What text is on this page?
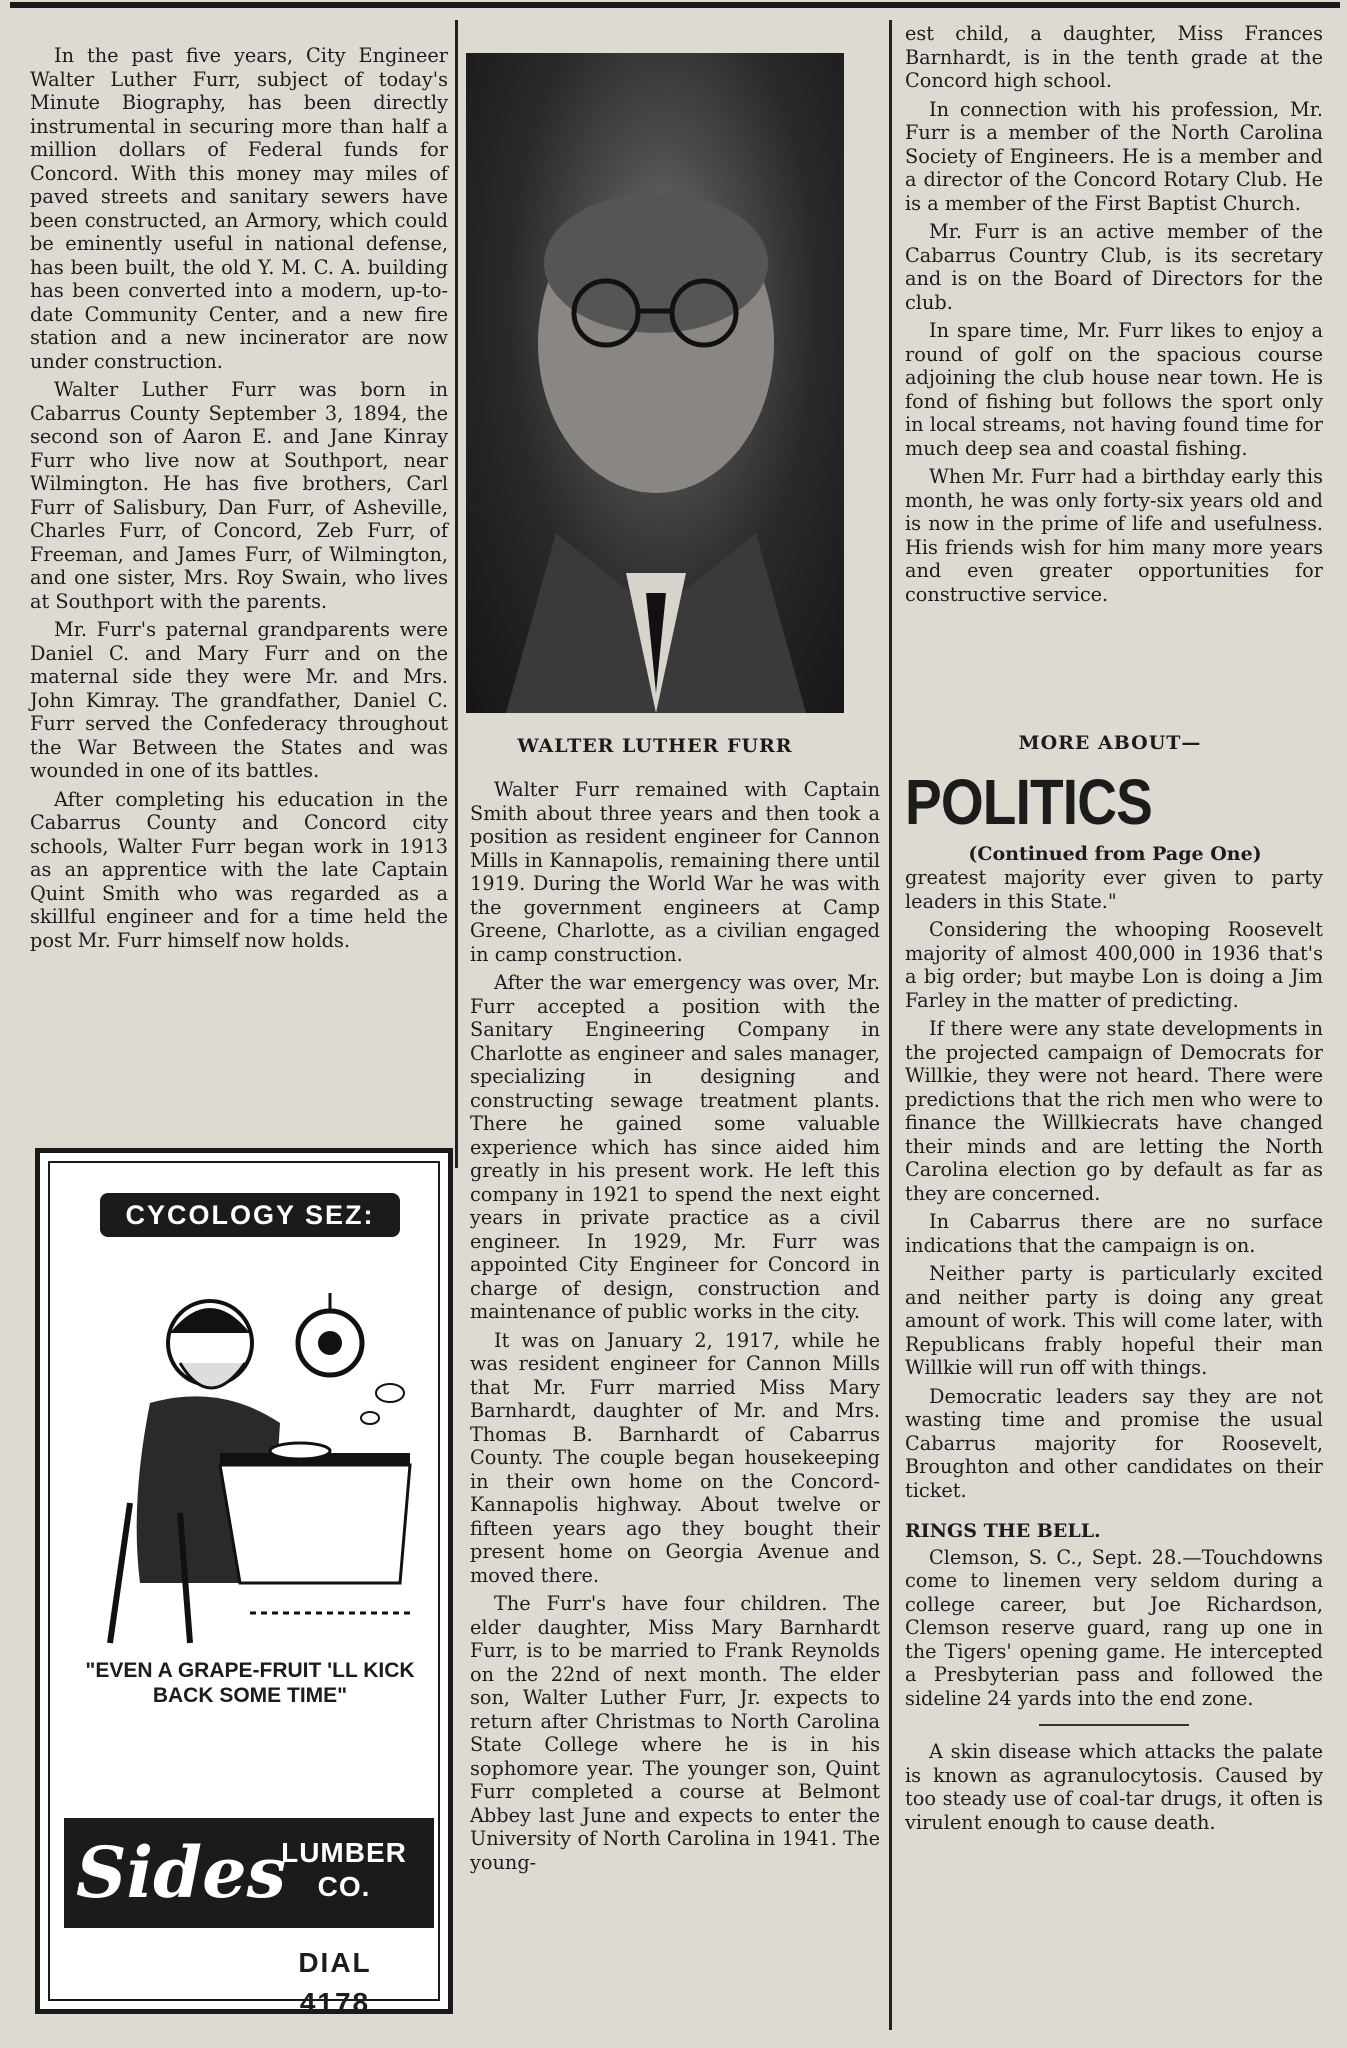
In the past five years, City Engineer Walter Luther Furr, subject of today's Minute Biography, has been directly instrumental in securing more than half a million dollars of Federal funds for Concord. With this money may miles of paved streets and sanitary sewers have been constructed, an Armory, which could be eminently useful in national defense, has been built, the old Y. M. C. A. building has been converted into a modern, up-to-date Community Center, and a new fire station and a new incinerator are now under construction.

Walter Luther Furr was born in Cabarrus County September 3, 1894, the second son of Aaron E. and Jane Kinray Furr who live now at Southport, near Wilmington. He has five brothers, Carl Furr of Salisbury, Dan Furr, of Asheville, Charles Furr, of Concord, Zeb Furr, of Freeman, and James Furr, of Wilmington, and one sister, Mrs. Roy Swain, who lives at Southport with the parents.

Mr. Furr's paternal grandparents were Daniel C. and Mary Furr and on the maternal side they were Mr. and Mrs. John Kimray. The grandfather, Daniel C. Furr served the Confederacy throughout the War Between the States and was wounded in one of its battles.

After completing his education in the Cabarrus County and Concord city schools, Walter Furr began work in 1913 as an apprentice with the late Captain Quint Smith who was regarded as a skillful engineer and for a time held the post Mr. Furr himself now holds.

WALTER LUTHER FURR

Walter Furr remained with Captain Smith about three years and then took a position as resident engineer for Cannon Mills in Kannapolis, remaining there until 1919. During the World War he was with the government engineers at Camp Greene, Charlotte, as a civilian engaged in camp construction.

After the war emergency was over, Mr. Furr accepted a position with the Sanitary Engineering Company in Charlotte as engineer and sales manager, specializing in designing and constructing sewage treatment plants. There he gained some valuable experience which has since aided him greatly in his present work. He left this company in 1921 to spend the next eight years in private practice as a civil engineer. In 1929, Mr. Furr was appointed City Engineer for Concord in charge of design, construction and maintenance of public works in the city.

It was on January 2, 1917, while he was resident engineer for Cannon Mills that Mr. Furr married Miss Mary Barnhardt, daughter of Mr. and Mrs. Thomas B. Barnhardt of Cabarrus County. The couple began housekeeping in their own home on the Concord-Kannapolis highway. About twelve or fifteen years ago they bought their present home on Georgia Avenue and moved there.

The Furr's have four children. The elder daughter, Miss Mary Barnhardt Furr, is to be married to Frank Reynolds on the 22nd of next month. The elder son, Walter Luther Furr, Jr. expects to return after Christmas to North Carolina State College where he is in his sophomore year. The younger son, Quint Furr completed a course at Belmont Abbey last June and expects to enter the University of North Carolina in 1941. The young-

est child, a daughter, Miss Frances Barnhardt, is in the tenth grade at the Concord high school.

In connection with his profession, Mr. Furr is a member of the North Carolina Society of Engineers. He is a member and a director of the Concord Rotary Club. He is a member of the First Baptist Church.

Mr. Furr is an active member of the Cabarrus Country Club, is its secretary and is on the Board of Directors for the club.

In spare time, Mr. Furr likes to enjoy a round of golf on the spacious course adjoining the club house near town. He is fond of fishing but follows the sport only in local streams, not having found time for much deep sea and coastal fishing.

When Mr. Furr had a birthday early this month, he was only forty-six years old and is now in the prime of life and usefulness. His friends wish for him many more years and even greater opportunities for constructive service.

MORE ABOUT—
POLITICS
(Continued from Page One)

greatest majority ever given to party leaders in this State."

Considering the whooping Roosevelt majority of almost 400,000 in 1936 that's a big order; but maybe Lon is doing a Jim Farley in the matter of predicting.

If there were any state developments in the projected campaign of Democrats for Willkie, they were not heard. There were predictions that the rich men who were to finance the Willkiecrats have changed their minds and are letting the North Carolina election go by default as far as they are concerned.

In Cabarrus there are no surface indications that the campaign is on.

Neither party is particularly excited and neither party is doing any great amount of work. This will come later, with Republicans frably hopeful their man Willkie will run off with things.

Democratic leaders say they are not wasting time and promise the usual Cabarrus majority for Roosevelt, Broughton and other candidates on their ticket.

RINGS THE BELL.

Clemson, S. C., Sept. 28.—Touchdowns come to linemen very seldom during a college career, but Joe Richardson, Clemson reserve guard, rang up one in the Tigers' opening game. He intercepted a Presbyterian pass and followed the sideline 24 yards into the end zone.

A skin disease which attacks the palate is known as agranulocytosis. Caused by too steady use of coal-tar drugs, it often is virulent enough to cause death.

CYCOLOGY SEZ:
"EVEN A GRAPE-FRUIT 'LL KICK BACK SOME TIME"
Sides
LUMBER
CO.
DIAL
4178
